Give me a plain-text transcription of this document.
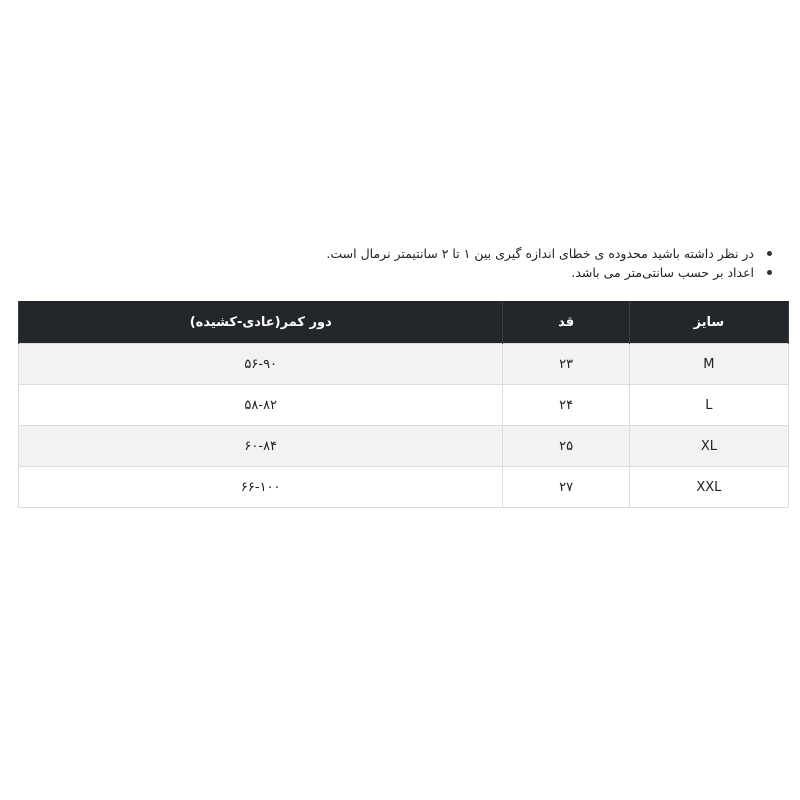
در نظر داشته باشید محدوده ی خطای اندازه گیری بین ۱ تا ۲ سانتیمتر نرمال است.
اعداد بر حسب سانتی‌متر می باشد.
سایز	قد	دور کمر(عادی-کشیده)
M	۲۳	۵۶-۹۰
L	۲۴	۵۸-۸۲
XL	۲۵	۶۰-۸۴
XXL	۲۷	۶۶-۱۰۰
